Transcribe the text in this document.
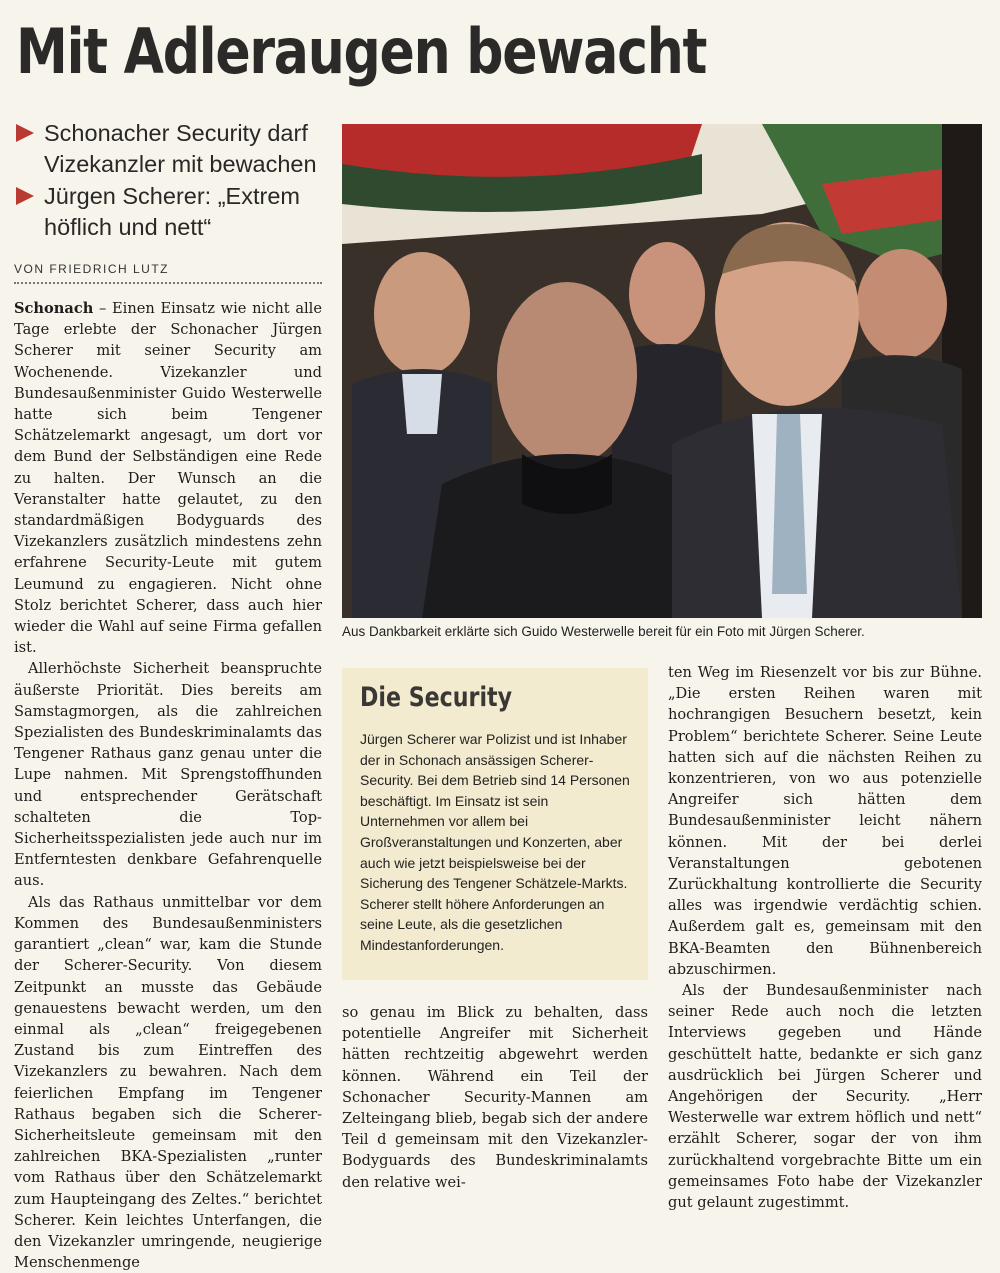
Mit Adleraugen bewacht
Schonacher Security darf Vizekanzler mit bewachen
Jürgen Scherer: „Extrem höflich und nett“
VON FRIEDRICH LUTZ

Schonach – Einen Einsatz wie nicht alle Tage erlebte der Schonacher Jürgen Scherer mit seiner Security am Wochenende. Vizekanzler und Bundesaußenminister Guido Westerwelle hatte sich beim Tengener Schätzelemarkt angesagt, um dort vor dem Bund der Selbständigen eine Rede zu halten. Der Wunsch an die Veranstalter hatte gelautet, zu den standardmäßigen Bodyguards des Vizekanzlers zusätzlich mindestens zehn erfahrene Security-Leute mit gutem Leumund zu engagieren. Nicht ohne Stolz berichtet Scherer, dass auch hier wieder die Wahl auf seine Firma gefallen ist.

Allerhöchste Sicherheit beanspruchte äußerste Priorität. Dies bereits am Samstagmorgen, als die zahlreichen Spezialisten des Bundeskriminalamts das Tengener Rathaus ganz genau unter die Lupe nahmen. Mit Sprengstoffhunden und entsprechender Gerätschaft schalteten die Top-Sicherheitsspezialisten jede auch nur im Entferntesten denkbare Gefahrenquelle aus.

Als das Rathaus unmittelbar vor dem Kommen des Bundesaußenministers garantiert „clean“ war, kam die Stunde der Scherer-Security. Von diesem Zeitpunkt an musste das Gebäude genauestens bewacht werden, um den einmal als „clean“ freigegebenen Zustand bis zum Eintreffen des Vizekanzlers zu bewahren. Nach dem feierlichen Empfang im Tengener Rathaus begaben sich die Scherer-Sicherheitsleute gemeinsam mit den zahlreichen BKA-Spezialisten „runter vom Rathaus über den Schätzelemarkt zum Haupteingang des Zeltes.“ berichtet Scherer. Kein leichtes Unterfangen, die den Vizekanzler umringende, neugierige Menschenmenge

Aus Dankbarkeit erklärte sich Guido Westerwelle bereit für ein Foto mit Jürgen Scherer.
Die Security
Jürgen Scherer war Polizist und ist Inhaber der in Schonach ansässigen Scherer-Security. Bei dem Betrieb sind 14 Personen beschäftigt. Im Einsatz ist sein Unternehmen vor allem bei Großveranstaltungen und Konzerten, aber auch wie jetzt beispielsweise bei der Sicherung des Tengener Schätzele-Markts. Scherer stellt höhere Anforderungen an seine Leute, als die gesetzlichen Mindestanforderungen.

so genau im Blick zu behalten, dass potentielle Angreifer mit Sicherheit hätten rechtzeitig abgewehrt werden können. Während ein Teil der Schonacher Security-Mannen am Zelteingang blieb, begab sich der andere Teil d gemeinsam mit den Vizekanzler-Bodyguards des Bundeskriminalamts den relative wei-

ten Weg im Riesenzelt vor bis zur Bühne. „Die ersten Reihen waren mit hochrangigen Besuchern besetzt, kein Problem“ berichtete Scherer. Seine Leute hatten sich auf die nächsten Reihen zu konzentrieren, von wo aus potenzielle Angreifer sich hätten dem Bundesaußenminister leicht nähern können. Mit der bei derlei Veranstaltungen gebotenen Zurückhaltung kontrollierte die Security alles was irgendwie verdächtig schien. Außerdem galt es, gemeinsam mit den BKA-Beamten den Bühnenbereich abzuschirmen.

Als der Bundesaußenminister nach seiner Rede auch noch die letzten Interviews gegeben und Hände geschüttelt hatte, bedankte er sich ganz ausdrücklich bei Jürgen Scherer und Angehörigen der Security. „Herr Westerwelle war extrem höflich und nett“ erzählt Scherer, sogar der von ihm zurückhaltend vorgebrachte Bitte um ein gemeinsames Foto habe der Vizekanzler gut gelaunt zugestimmt.
